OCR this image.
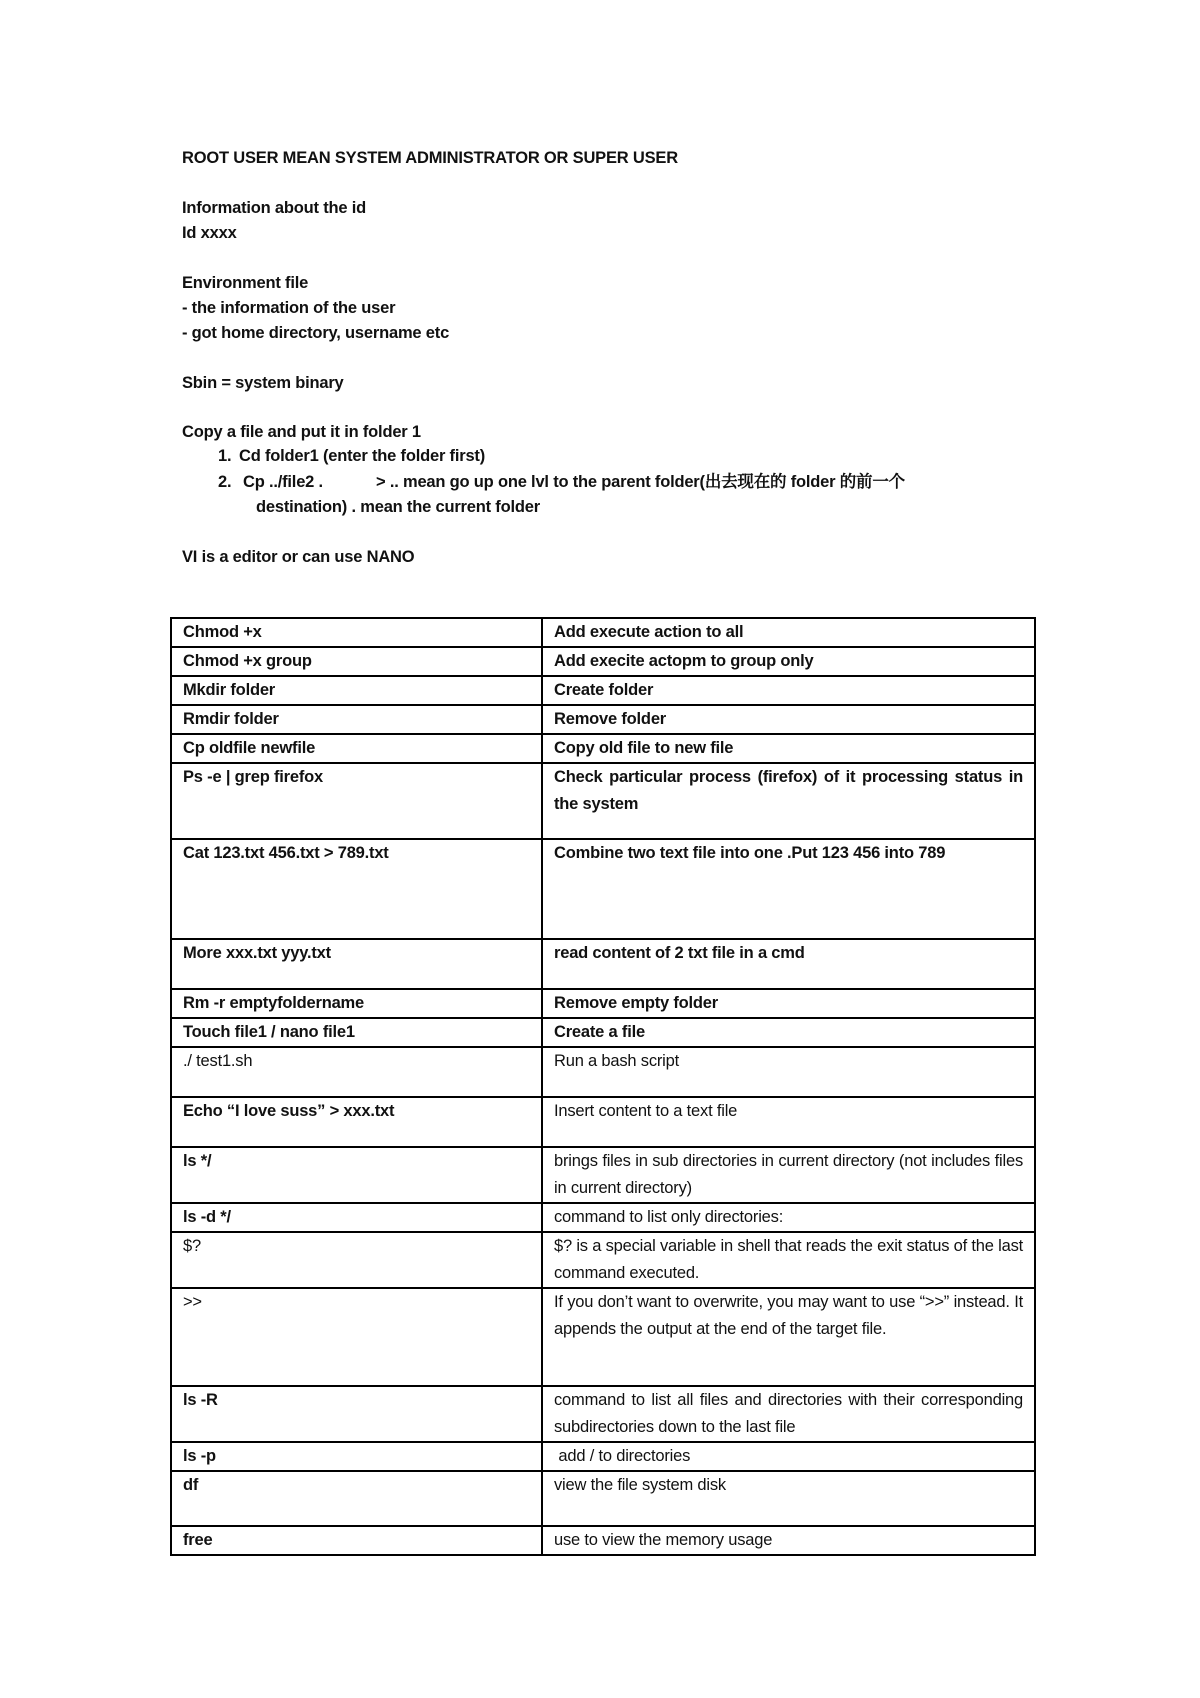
ROOT USER MEAN SYSTEM ADMINISTRATOR OR SUPER USER
Information about the id
Id xxxx
Environment file
- the information of the user
- got home directory, username etc
Sbin = system binary
Copy a file and put it in folder 1
1. Cd folder1 (enter the folder first)
2. Cp ../file2 .	> .. mean go up one lvl to the parent folder(出去现在的 folder 的前一个
destination) . mean the current folder
VI is a editor or can use NANO
Chmod +x	Add execute action to all
Chmod +x group	Add execite actopm to group only
Mkdir folder	Create folder
Rmdir folder	Remove folder
Cp oldfile newfile	Copy old file to new file
Ps -e | grep firefox	Check particular process (firefox) of it processing status in the system
Cat 123.txt 456.txt > 789.txt	Combine two text file into one .Put 123 456 into 789
More xxx.txt yyy.txt	read content of 2 txt file in a cmd
Rm -r emptyfoldername	Remove empty folder
Touch file1 / nano file1	Create a file
./ test1.sh	Run a bash script
Echo “I love suss” > xxx.txt	Insert content to a text file
ls */	brings files in sub directories in current directory (not includes files in current directory)
ls -d */	command to list only directories:
$?	$? is a special variable in shell that reads the exit status of the last command executed.
>>	If you don’t want to overwrite, you may want to use “>>” instead. It appends the output at the end of the target file.
ls -R	command to list all files and directories with their corresponding subdirectories down to the last file
ls -p	add / to directories
df	view the file system disk
free	use to view the memory usage
